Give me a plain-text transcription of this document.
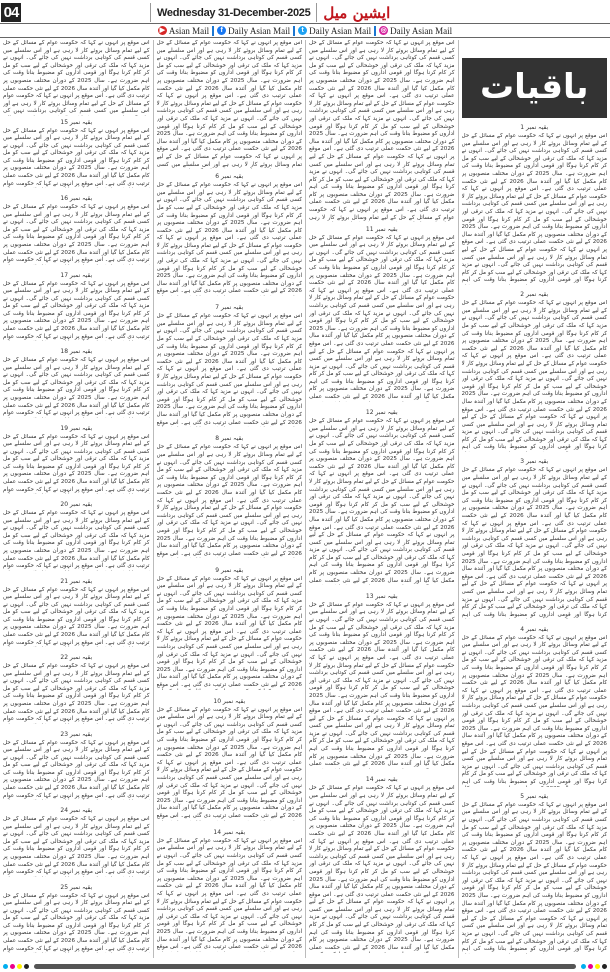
04	Wednesday 31-December-2025 ایشین میل
▶ Asian Mail	f Daily Asian Mail	t Daily Asian Mail ◎ Daily Asian Mail
باقیات
بقیہ نمبر 1
اس موقع پر انہوں نے کہا کہ حکومت عوام کے مسائل کے حل کے لیے تمام وسائل بروئے کار لا رہی ہے اور اس سلسلے میں کسی قسم کی کوتاہی برداشت نہیں کی جائے گی۔ انہوں نے مزید کہا کہ ملک کی ترقی اور خوشحالی کے لیے سب کو مل کر کام کرنا ہوگا اور قومی اداروں کو مضبوط بنانا وقت کی اہم ضرورت ہے۔ سال 2025 کے دوران مختلف منصوبوں پر کام مکمل کیا گیا اور آئندہ سال 2026 کے لیے نئی حکمت عملی ترتیب دی گئی ہے۔ اس موقع پر انہوں نے کہا کہ حکومت عوام کے مسائل کے حل کے لیے تمام وسائل بروئے کار لا رہی ہے اور اس سلسلے میں کسی قسم کی کوتاہی برداشت نہیں کی جائے گی۔ انہوں نے مزید کہا کہ ملک کی ترقی اور خوشحالی کے لیے سب کو مل کر کام کرنا ہوگا اور قومی اداروں کو مضبوط بنانا وقت کی اہم ضرورت ہے۔ سال 2025 کے دوران مختلف منصوبوں پر کام مکمل کیا گیا اور آئندہ سال 2026 کے لیے نئی حکمت عملی ترتیب دی گئی ہے۔ اس موقع پر انہوں نے کہا کہ حکومت عوام کے مسائل کے حل کے لیے تمام وسائل بروئے کار لا رہی ہے اور اس سلسلے میں کسی قسم کی کوتاہی برداشت نہیں کی جائے گی۔ انہوں نے مزید کہا کہ ملک کی ترقی اور خوشحالی کے لیے سب کو مل کر کام کرنا ہوگا اور قومی اداروں کو مضبوط بنانا وقت کی اہم
بقیہ نمبر 2
اس موقع پر انہوں نے کہا کہ حکومت عوام کے مسائل کے حل کے لیے تمام وسائل بروئے کار لا رہی ہے اور اس سلسلے میں کسی قسم کی کوتاہی برداشت نہیں کی جائے گی۔ انہوں نے مزید کہا کہ ملک کی ترقی اور خوشحالی کے لیے سب کو مل کر کام کرنا ہوگا اور قومی اداروں کو مضبوط بنانا وقت کی اہم ضرورت ہے۔ سال 2025 کے دوران مختلف منصوبوں پر کام مکمل کیا گیا اور آئندہ سال 2026 کے لیے نئی حکمت عملی ترتیب دی گئی ہے۔ اس موقع پر انہوں نے کہا کہ حکومت عوام کے مسائل کے حل کے لیے تمام وسائل بروئے کار لا رہی ہے اور اس سلسلے میں کسی قسم کی کوتاہی برداشت نہیں کی جائے گی۔ انہوں نے مزید کہا کہ ملک کی ترقی اور خوشحالی کے لیے سب کو مل کر کام کرنا ہوگا اور قومی اداروں کو مضبوط بنانا وقت کی اہم ضرورت ہے۔ سال 2025 کے دوران مختلف منصوبوں پر کام مکمل کیا گیا اور آئندہ سال 2026 کے لیے نئی حکمت عملی ترتیب دی گئی ہے۔ اس موقع پر انہوں نے کہا کہ حکومت عوام کے مسائل کے حل کے لیے تمام وسائل بروئے کار لا رہی ہے اور اس سلسلے میں کسی قسم کی کوتاہی برداشت نہیں کی جائے گی۔ انہوں نے مزید کہا کہ ملک کی ترقی اور خوشحالی کے لیے سب کو مل کر کام کرنا ہوگا اور قومی اداروں کو مضبوط بنانا وقت کی اہم
بقیہ نمبر 3
اس موقع پر انہوں نے کہا کہ حکومت عوام کے مسائل کے حل کے لیے تمام وسائل بروئے کار لا رہی ہے اور اس سلسلے میں کسی قسم کی کوتاہی برداشت نہیں کی جائے گی۔ انہوں نے مزید کہا کہ ملک کی ترقی اور خوشحالی کے لیے سب کو مل کر کام کرنا ہوگا اور قومی اداروں کو مضبوط بنانا وقت کی اہم ضرورت ہے۔ سال 2025 کے دوران مختلف منصوبوں پر کام مکمل کیا گیا اور آئندہ سال 2026 کے لیے نئی حکمت عملی ترتیب دی گئی ہے۔ اس موقع پر انہوں نے کہا کہ حکومت عوام کے مسائل کے حل کے لیے تمام وسائل بروئے کار لا رہی ہے اور اس سلسلے میں کسی قسم کی کوتاہی برداشت نہیں کی جائے گی۔ انہوں نے مزید کہا کہ ملک کی ترقی اور خوشحالی کے لیے سب کو مل کر کام کرنا ہوگا اور قومی اداروں کو مضبوط بنانا وقت کی اہم ضرورت ہے۔ سال 2025 کے دوران مختلف منصوبوں پر کام مکمل کیا گیا اور آئندہ سال 2026 کے لیے نئی حکمت عملی ترتیب دی گئی ہے۔ اس موقع پر انہوں نے کہا کہ حکومت عوام کے مسائل کے حل کے لیے تمام وسائل بروئے کار لا رہی ہے اور اس سلسلے میں کسی قسم کی کوتاہی برداشت نہیں کی جائے گی۔ انہوں نے مزید کہا کہ ملک کی ترقی اور خوشحالی کے لیے سب کو مل کر کام کرنا ہوگا اور قومی اداروں کو مضبوط بنانا وقت کی اہم
بقیہ نمبر 4
اس موقع پر انہوں نے کہا کہ حکومت عوام کے مسائل کے حل کے لیے تمام وسائل بروئے کار لا رہی ہے اور اس سلسلے میں کسی قسم کی کوتاہی برداشت نہیں کی جائے گی۔ انہوں نے مزید کہا کہ ملک کی ترقی اور خوشحالی کے لیے سب کو مل کر کام کرنا ہوگا اور قومی اداروں کو مضبوط بنانا وقت کی اہم ضرورت ہے۔ سال 2025 کے دوران مختلف منصوبوں پر کام مکمل کیا گیا اور آئندہ سال 2026 کے لیے نئی حکمت عملی ترتیب دی گئی ہے۔ اس موقع پر انہوں نے کہا کہ حکومت عوام کے مسائل کے حل کے لیے تمام وسائل بروئے کار لا رہی ہے اور اس سلسلے میں کسی قسم کی کوتاہی برداشت نہیں کی جائے گی۔ انہوں نے مزید کہا کہ ملک کی ترقی اور خوشحالی کے لیے سب کو مل کر کام کرنا ہوگا اور قومی اداروں کو مضبوط بنانا وقت کی اہم ضرورت ہے۔ سال 2025 کے دوران مختلف منصوبوں پر کام مکمل کیا گیا اور آئندہ سال 2026 کے لیے نئی حکمت عملی ترتیب دی گئی ہے۔ اس موقع پر انہوں نے کہا کہ حکومت عوام کے مسائل کے حل کے لیے تمام وسائل بروئے کار لا رہی ہے اور اس سلسلے میں کسی قسم کی کوتاہی برداشت نہیں کی جائے گی۔ انہوں نے مزید کہا کہ ملک کی ترقی اور خوشحالی کے لیے سب کو مل کر کام کرنا ہوگا اور قومی اداروں کو مضبوط بنانا وقت کی اہم
بقیہ نمبر 5
اس موقع پر انہوں نے کہا کہ حکومت عوام کے مسائل کے حل کے لیے تمام وسائل بروئے کار لا رہی ہے اور اس سلسلے میں کسی قسم کی کوتاہی برداشت نہیں کی جائے گی۔ انہوں نے مزید کہا کہ ملک کی ترقی اور خوشحالی کے لیے سب کو مل کر کام کرنا ہوگا اور قومی اداروں کو مضبوط بنانا وقت کی اہم ضرورت ہے۔ سال 2025 کے دوران مختلف منصوبوں پر کام مکمل کیا گیا اور آئندہ سال 2026 کے لیے نئی حکمت عملی ترتیب دی گئی ہے۔ اس موقع پر انہوں نے کہا کہ حکومت عوام کے مسائل کے حل کے لیے تمام وسائل بروئے کار لا رہی ہے اور اس سلسلے میں کسی قسم کی کوتاہی برداشت نہیں کی جائے گی۔ انہوں نے مزید کہا کہ ملک کی ترقی اور خوشحالی کے لیے سب کو مل کر کام کرنا ہوگا اور قومی اداروں کو مضبوط بنانا وقت کی اہم ضرورت ہے۔ سال 2025 کے دوران مختلف منصوبوں پر کام مکمل کیا گیا اور آئندہ سال 2026 کے لیے نئی حکمت عملی ترتیب دی گئی ہے۔ اس موقع پر انہوں نے کہا کہ حکومت عوام کے مسائل کے حل کے لیے تمام وسائل بروئے کار لا رہی ہے اور اس سلسلے میں کسی قسم کی کوتاہی برداشت نہیں کی جائے گی۔ انہوں نے مزید کہا کہ ملک کی ترقی اور خوشحالی کے لیے سب کو مل کر کام کرنا ہوگا اور قومی اداروں کو مضبوط بنانا وقت کی اہم
اس موقع پر انہوں نے کہا کہ حکومت عوام کے مسائل کے حل کے لیے تمام وسائل بروئے کار لا رہی ہے اور اس سلسلے میں کسی قسم کی کوتاہی برداشت نہیں کی جائے گی۔ انہوں نے مزید کہا کہ ملک کی ترقی اور خوشحالی کے لیے سب کو مل کر کام کرنا ہوگا اور قومی اداروں کو مضبوط بنانا وقت کی اہم ضرورت ہے۔ سال 2025 کے دوران مختلف منصوبوں پر کام مکمل کیا گیا اور آئندہ سال 2026 کے لیے نئی حکمت عملی ترتیب دی گئی ہے۔ اس موقع پر انہوں نے کہا کہ حکومت عوام کے مسائل کے حل کے لیے تمام وسائل بروئے کار لا رہی ہے اور اس سلسلے میں کسی قسم کی کوتاہی برداشت نہیں کی جائے گی۔ انہوں نے مزید کہا کہ ملک کی ترقی اور خوشحالی کے لیے سب کو مل کر کام کرنا ہوگا اور قومی اداروں کو مضبوط بنانا وقت کی اہم ضرورت ہے۔ سال 2025 کے دوران مختلف منصوبوں پر کام مکمل کیا گیا اور آئندہ سال 2026 کے لیے نئی حکمت عملی ترتیب دی گئی ہے۔ اس موقع پر انہوں نے کہا کہ حکومت عوام کے مسائل کے حل کے لیے تمام وسائل بروئے کار لا رہی ہے اور اس سلسلے میں کسی قسم کی کوتاہی برداشت نہیں کی جائے گی۔ انہوں نے مزید کہا کہ ملک کی ترقی اور خوشحالی کے لیے سب کو مل کر کام کرنا ہوگا اور قومی اداروں کو مضبوط بنانا وقت کی اہم ضرورت ہے۔ سال 2025 کے دوران مختلف منصوبوں پر کام مکمل کیا گیا اور آئندہ سال 2026 کے لیے نئی حکمت عملی ترتیب دی گئی ہے۔ اس موقع پر انہوں نے کہا کہ حکومت عوام کے مسائل کے حل کے لیے تمام وسائل بروئے کار لا رہی
بقیہ نمبر 11
اس موقع پر انہوں نے کہا کہ حکومت عوام کے مسائل کے حل کے لیے تمام وسائل بروئے کار لا رہی ہے اور اس سلسلے میں کسی قسم کی کوتاہی برداشت نہیں کی جائے گی۔ انہوں نے مزید کہا کہ ملک کی ترقی اور خوشحالی کے لیے سب کو مل کر کام کرنا ہوگا اور قومی اداروں کو مضبوط بنانا وقت کی اہم ضرورت ہے۔ سال 2025 کے دوران مختلف منصوبوں پر کام مکمل کیا گیا اور آئندہ سال 2026 کے لیے نئی حکمت عملی ترتیب دی گئی ہے۔ اس موقع پر انہوں نے کہا کہ حکومت عوام کے مسائل کے حل کے لیے تمام وسائل بروئے کار لا رہی ہے اور اس سلسلے میں کسی قسم کی کوتاہی برداشت نہیں کی جائے گی۔ انہوں نے مزید کہا کہ ملک کی ترقی اور خوشحالی کے لیے سب کو مل کر کام کرنا ہوگا اور قومی اداروں کو مضبوط بنانا وقت کی اہم ضرورت ہے۔ سال 2025 کے دوران مختلف منصوبوں پر کام مکمل کیا گیا اور آئندہ سال 2026 کے لیے نئی حکمت عملی ترتیب دی گئی ہے۔ اس موقع پر انہوں نے کہا کہ حکومت عوام کے مسائل کے حل کے لیے تمام وسائل بروئے کار لا رہی ہے اور اس سلسلے میں کسی قسم کی کوتاہی برداشت نہیں کی جائے گی۔ انہوں نے مزید کہا کہ ملک کی ترقی اور خوشحالی کے لیے سب کو مل کر کام کرنا ہوگا اور قومی اداروں کو مضبوط بنانا وقت کی اہم ضرورت ہے۔ سال 2025 کے دوران مختلف منصوبوں پر کام مکمل کیا گیا اور آئندہ سال 2026 کے لیے نئی حکمت عملی
بقیہ نمبر 12
اس موقع پر انہوں نے کہا کہ حکومت عوام کے مسائل کے حل کے لیے تمام وسائل بروئے کار لا رہی ہے اور اس سلسلے میں کسی قسم کی کوتاہی برداشت نہیں کی جائے گی۔ انہوں نے مزید کہا کہ ملک کی ترقی اور خوشحالی کے لیے سب کو مل کر کام کرنا ہوگا اور قومی اداروں کو مضبوط بنانا وقت کی اہم ضرورت ہے۔ سال 2025 کے دوران مختلف منصوبوں پر کام مکمل کیا گیا اور آئندہ سال 2026 کے لیے نئی حکمت عملی ترتیب دی گئی ہے۔ اس موقع پر انہوں نے کہا کہ حکومت عوام کے مسائل کے حل کے لیے تمام وسائل بروئے کار لا رہی ہے اور اس سلسلے میں کسی قسم کی کوتاہی برداشت نہیں کی جائے گی۔ انہوں نے مزید کہا کہ ملک کی ترقی اور خوشحالی کے لیے سب کو مل کر کام کرنا ہوگا اور قومی اداروں کو مضبوط بنانا وقت کی اہم ضرورت ہے۔ سال 2025 کے دوران مختلف منصوبوں پر کام مکمل کیا گیا اور آئندہ سال 2026 کے لیے نئی حکمت عملی ترتیب دی گئی ہے۔ اس موقع پر انہوں نے کہا کہ حکومت عوام کے مسائل کے حل کے لیے تمام وسائل بروئے کار لا رہی ہے اور اس سلسلے میں کسی قسم کی کوتاہی برداشت نہیں کی جائے گی۔ انہوں نے مزید کہا کہ ملک کی ترقی اور خوشحالی کے لیے سب کو مل کر کام کرنا ہوگا اور قومی اداروں کو مضبوط بنانا وقت کی اہم ضرورت ہے۔ سال 2025 کے دوران مختلف منصوبوں پر کام مکمل کیا گیا اور آئندہ سال 2026 کے لیے نئی حکمت عملی
بقیہ نمبر 13
اس موقع پر انہوں نے کہا کہ حکومت عوام کے مسائل کے حل کے لیے تمام وسائل بروئے کار لا رہی ہے اور اس سلسلے میں کسی قسم کی کوتاہی برداشت نہیں کی جائے گی۔ انہوں نے مزید کہا کہ ملک کی ترقی اور خوشحالی کے لیے سب کو مل کر کام کرنا ہوگا اور قومی اداروں کو مضبوط بنانا وقت کی اہم ضرورت ہے۔ سال 2025 کے دوران مختلف منصوبوں پر کام مکمل کیا گیا اور آئندہ سال 2026 کے لیے نئی حکمت عملی ترتیب دی گئی ہے۔ اس موقع پر انہوں نے کہا کہ حکومت عوام کے مسائل کے حل کے لیے تمام وسائل بروئے کار لا رہی ہے اور اس سلسلے میں کسی قسم کی کوتاہی برداشت نہیں کی جائے گی۔ انہوں نے مزید کہا کہ ملک کی ترقی اور خوشحالی کے لیے سب کو مل کر کام کرنا ہوگا اور قومی اداروں کو مضبوط بنانا وقت کی اہم ضرورت ہے۔ سال 2025 کے دوران مختلف منصوبوں پر کام مکمل کیا گیا اور آئندہ سال 2026 کے لیے نئی حکمت عملی ترتیب دی گئی ہے۔ اس موقع پر انہوں نے کہا کہ حکومت عوام کے مسائل کے حل کے لیے تمام وسائل بروئے کار لا رہی ہے اور اس سلسلے میں کسی قسم کی کوتاہی برداشت نہیں کی جائے گی۔ انہوں نے مزید کہا کہ ملک کی ترقی اور خوشحالی کے لیے سب کو مل کر کام کرنا ہوگا اور قومی اداروں کو مضبوط بنانا وقت کی اہم ضرورت ہے۔ سال 2025 کے دوران مختلف منصوبوں پر کام مکمل کیا گیا اور آئندہ سال 2026 کے لیے نئی حکمت عملی
بقیہ نمبر 14
اس موقع پر انہوں نے کہا کہ حکومت عوام کے مسائل کے حل کے لیے تمام وسائل بروئے کار لا رہی ہے اور اس سلسلے میں کسی قسم کی کوتاہی برداشت نہیں کی جائے گی۔ انہوں نے مزید کہا کہ ملک کی ترقی اور خوشحالی کے لیے سب کو مل کر کام کرنا ہوگا اور قومی اداروں کو مضبوط بنانا وقت کی اہم ضرورت ہے۔ سال 2025 کے دوران مختلف منصوبوں پر کام مکمل کیا گیا اور آئندہ سال 2026 کے لیے نئی حکمت عملی ترتیب دی گئی ہے۔ اس موقع پر انہوں نے کہا کہ حکومت عوام کے مسائل کے حل کے لیے تمام وسائل بروئے کار لا رہی ہے اور اس سلسلے میں کسی قسم کی کوتاہی برداشت نہیں کی جائے گی۔ انہوں نے مزید کہا کہ ملک کی ترقی اور خوشحالی کے لیے سب کو مل کر کام کرنا ہوگا اور قومی اداروں کو مضبوط بنانا وقت کی اہم ضرورت ہے۔ سال 2025 کے دوران مختلف منصوبوں پر کام مکمل کیا گیا اور آئندہ سال 2026 کے لیے نئی حکمت عملی ترتیب دی گئی ہے۔ اس موقع پر انہوں نے کہا کہ حکومت عوام کے مسائل کے حل کے لیے تمام وسائل بروئے کار لا رہی ہے اور اس سلسلے میں کسی قسم کی کوتاہی برداشت نہیں کی جائے گی۔ انہوں نے مزید کہا کہ ملک کی ترقی اور خوشحالی کے لیے سب کو مل کر کام کرنا ہوگا اور قومی اداروں کو مضبوط بنانا وقت کی اہم ضرورت ہے۔ سال 2025 کے دوران مختلف منصوبوں پر کام مکمل کیا گیا اور آئندہ سال 2026 کے لیے نئی حکمت عملی
اس موقع پر انہوں نے کہا کہ حکومت عوام کے مسائل کے حل کے لیے تمام وسائل بروئے کار لا رہی ہے اور اس سلسلے میں کسی قسم کی کوتاہی برداشت نہیں کی جائے گی۔ انہوں نے مزید کہا کہ ملک کی ترقی اور خوشحالی کے لیے سب کو مل کر کام کرنا ہوگا اور قومی اداروں کو مضبوط بنانا وقت کی اہم ضرورت ہے۔ سال 2025 کے دوران مختلف منصوبوں پر کام مکمل کیا گیا اور آئندہ سال 2026 کے لیے نئی حکمت عملی ترتیب دی گئی ہے۔ اس موقع پر انہوں نے کہا کہ حکومت عوام کے مسائل کے حل کے لیے تمام وسائل بروئے کار لا رہی ہے اور اس سلسلے میں کسی قسم کی کوتاہی برداشت نہیں کی جائے گی۔ انہوں نے مزید کہا کہ ملک کی ترقی اور خوشحالی کے لیے سب کو مل کر کام کرنا ہوگا اور قومی اداروں کو مضبوط بنانا وقت کی اہم ضرورت ہے۔ سال 2025 کے دوران مختلف منصوبوں پر کام مکمل کیا گیا اور آئندہ سال 2026 کے لیے نئی حکمت عملی ترتیب دی گئی ہے۔ اس موقع پر انہوں نے کہا کہ حکومت عوام کے مسائل کے حل کے لیے تمام وسائل بروئے کار لا رہی ہے اور اس سلسلے میں کسی
بقیہ نمبر 6
اس موقع پر انہوں نے کہا کہ حکومت عوام کے مسائل کے حل کے لیے تمام وسائل بروئے کار لا رہی ہے اور اس سلسلے میں کسی قسم کی کوتاہی برداشت نہیں کی جائے گی۔ انہوں نے مزید کہا کہ ملک کی ترقی اور خوشحالی کے لیے سب کو مل کر کام کرنا ہوگا اور قومی اداروں کو مضبوط بنانا وقت کی اہم ضرورت ہے۔ سال 2025 کے دوران مختلف منصوبوں پر کام مکمل کیا گیا اور آئندہ سال 2026 کے لیے نئی حکمت عملی ترتیب دی گئی ہے۔ اس موقع پر انہوں نے کہا کہ حکومت عوام کے مسائل کے حل کے لیے تمام وسائل بروئے کار لا رہی ہے اور اس سلسلے میں کسی قسم کی کوتاہی برداشت نہیں کی جائے گی۔ انہوں نے مزید کہا کہ ملک کی ترقی اور خوشحالی کے لیے سب کو مل کر کام کرنا ہوگا اور قومی اداروں کو مضبوط بنانا وقت کی اہم ضرورت ہے۔ سال 2025 کے دوران مختلف منصوبوں پر کام مکمل کیا گیا اور آئندہ سال 2026 کے لیے نئی حکمت عملی ترتیب دی گئی ہے۔ اس موقع
بقیہ نمبر 7
اس موقع پر انہوں نے کہا کہ حکومت عوام کے مسائل کے حل کے لیے تمام وسائل بروئے کار لا رہی ہے اور اس سلسلے میں کسی قسم کی کوتاہی برداشت نہیں کی جائے گی۔ انہوں نے مزید کہا کہ ملک کی ترقی اور خوشحالی کے لیے سب کو مل کر کام کرنا ہوگا اور قومی اداروں کو مضبوط بنانا وقت کی اہم ضرورت ہے۔ سال 2025 کے دوران مختلف منصوبوں پر کام مکمل کیا گیا اور آئندہ سال 2026 کے لیے نئی حکمت عملی ترتیب دی گئی ہے۔ اس موقع پر انہوں نے کہا کہ حکومت عوام کے مسائل کے حل کے لیے تمام وسائل بروئے کار لا رہی ہے اور اس سلسلے میں کسی قسم کی کوتاہی برداشت نہیں کی جائے گی۔ انہوں نے مزید کہا کہ ملک کی ترقی اور خوشحالی کے لیے سب کو مل کر کام کرنا ہوگا اور قومی اداروں کو مضبوط بنانا وقت کی اہم ضرورت ہے۔ سال 2025 کے دوران مختلف منصوبوں پر کام مکمل کیا گیا اور آئندہ سال 2026 کے لیے نئی حکمت عملی ترتیب دی گئی ہے۔ اس موقع
بقیہ نمبر 8
اس موقع پر انہوں نے کہا کہ حکومت عوام کے مسائل کے حل کے لیے تمام وسائل بروئے کار لا رہی ہے اور اس سلسلے میں کسی قسم کی کوتاہی برداشت نہیں کی جائے گی۔ انہوں نے مزید کہا کہ ملک کی ترقی اور خوشحالی کے لیے سب کو مل کر کام کرنا ہوگا اور قومی اداروں کو مضبوط بنانا وقت کی اہم ضرورت ہے۔ سال 2025 کے دوران مختلف منصوبوں پر کام مکمل کیا گیا اور آئندہ سال 2026 کے لیے نئی حکمت عملی ترتیب دی گئی ہے۔ اس موقع پر انہوں نے کہا کہ حکومت عوام کے مسائل کے حل کے لیے تمام وسائل بروئے کار لا رہی ہے اور اس سلسلے میں کسی قسم کی کوتاہی برداشت نہیں کی جائے گی۔ انہوں نے مزید کہا کہ ملک کی ترقی اور خوشحالی کے لیے سب کو مل کر کام کرنا ہوگا اور قومی اداروں کو مضبوط بنانا وقت کی اہم ضرورت ہے۔ سال 2025 کے دوران مختلف منصوبوں پر کام مکمل کیا گیا اور آئندہ سال 2026 کے لیے نئی حکمت عملی ترتیب دی گئی ہے۔ اس موقع
بقیہ نمبر 9
اس موقع پر انہوں نے کہا کہ حکومت عوام کے مسائل کے حل کے لیے تمام وسائل بروئے کار لا رہی ہے اور اس سلسلے میں کسی قسم کی کوتاہی برداشت نہیں کی جائے گی۔ انہوں نے مزید کہا کہ ملک کی ترقی اور خوشحالی کے لیے سب کو مل کر کام کرنا ہوگا اور قومی اداروں کو مضبوط بنانا وقت کی اہم ضرورت ہے۔ سال 2025 کے دوران مختلف منصوبوں پر کام مکمل کیا گیا اور آئندہ سال 2026 کے لیے نئی حکمت عملی ترتیب دی گئی ہے۔ اس موقع پر انہوں نے کہا کہ حکومت عوام کے مسائل کے حل کے لیے تمام وسائل بروئے کار لا رہی ہے اور اس سلسلے میں کسی قسم کی کوتاہی برداشت نہیں کی جائے گی۔ انہوں نے مزید کہا کہ ملک کی ترقی اور خوشحالی کے لیے سب کو مل کر کام کرنا ہوگا اور قومی اداروں کو مضبوط بنانا وقت کی اہم ضرورت ہے۔ سال 2025 کے دوران مختلف منصوبوں پر کام مکمل کیا گیا اور آئندہ سال 2026 کے لیے نئی حکمت عملی ترتیب دی گئی ہے۔ اس موقع
بقیہ نمبر 10
اس موقع پر انہوں نے کہا کہ حکومت عوام کے مسائل کے حل کے لیے تمام وسائل بروئے کار لا رہی ہے اور اس سلسلے میں کسی قسم کی کوتاہی برداشت نہیں کی جائے گی۔ انہوں نے مزید کہا کہ ملک کی ترقی اور خوشحالی کے لیے سب کو مل کر کام کرنا ہوگا اور قومی اداروں کو مضبوط بنانا وقت کی اہم ضرورت ہے۔ سال 2025 کے دوران مختلف منصوبوں پر کام مکمل کیا گیا اور آئندہ سال 2026 کے لیے نئی حکمت عملی ترتیب دی گئی ہے۔ اس موقع پر انہوں نے کہا کہ حکومت عوام کے مسائل کے حل کے لیے تمام وسائل بروئے کار لا رہی ہے اور اس سلسلے میں کسی قسم کی کوتاہی برداشت نہیں کی جائے گی۔ انہوں نے مزید کہا کہ ملک کی ترقی اور خوشحالی کے لیے سب کو مل کر کام کرنا ہوگا اور قومی اداروں کو مضبوط بنانا وقت کی اہم ضرورت ہے۔ سال 2025 کے دوران مختلف منصوبوں پر کام مکمل کیا گیا اور آئندہ سال 2026 کے لیے نئی حکمت عملی ترتیب دی گئی ہے۔ اس موقع
بقیہ نمبر 14
اس موقع پر انہوں نے کہا کہ حکومت عوام کے مسائل کے حل کے لیے تمام وسائل بروئے کار لا رہی ہے اور اس سلسلے میں کسی قسم کی کوتاہی برداشت نہیں کی جائے گی۔ انہوں نے مزید کہا کہ ملک کی ترقی اور خوشحالی کے لیے سب کو مل کر کام کرنا ہوگا اور قومی اداروں کو مضبوط بنانا وقت کی اہم ضرورت ہے۔ سال 2025 کے دوران مختلف منصوبوں پر کام مکمل کیا گیا اور آئندہ سال 2026 کے لیے نئی حکمت عملی ترتیب دی گئی ہے۔ اس موقع پر انہوں نے کہا کہ حکومت عوام کے مسائل کے حل کے لیے تمام وسائل بروئے کار لا رہی ہے اور اس سلسلے میں کسی قسم کی کوتاہی برداشت نہیں کی جائے گی۔ انہوں نے مزید کہا کہ ملک کی ترقی اور خوشحالی کے لیے سب کو مل کر کام کرنا ہوگا اور قومی اداروں کو مضبوط بنانا وقت کی اہم ضرورت ہے۔ سال 2025 کے دوران مختلف منصوبوں پر کام مکمل کیا گیا اور آئندہ سال 2026 کے لیے نئی حکمت عملی ترتیب دی گئی ہے۔ اس موقع
اس موقع پر انہوں نے کہا کہ حکومت عوام کے مسائل کے حل کے لیے تمام وسائل بروئے کار لا رہی ہے اور اس سلسلے میں کسی قسم کی کوتاہی برداشت نہیں کی جائے گی۔ انہوں نے مزید کہا کہ ملک کی ترقی اور خوشحالی کے لیے سب کو مل کر کام کرنا ہوگا اور قومی اداروں کو مضبوط بنانا وقت کی اہم ضرورت ہے۔ سال 2025 کے دوران مختلف منصوبوں پر کام مکمل کیا گیا اور آئندہ سال 2026 کے لیے نئی حکمت عملی ترتیب دی گئی ہے۔ اس موقع پر انہوں نے کہا کہ حکومت عوام کے مسائل کے حل کے لیے تمام وسائل بروئے کار لا رہی ہے اور اس سلسلے میں کسی قسم کی کوتاہی برداشت نہیں کی
بقیہ نمبر 15
اس موقع پر انہوں نے کہا کہ حکومت عوام کے مسائل کے حل کے لیے تمام وسائل بروئے کار لا رہی ہے اور اس سلسلے میں کسی قسم کی کوتاہی برداشت نہیں کی جائے گی۔ انہوں نے مزید کہا کہ ملک کی ترقی اور خوشحالی کے لیے سب کو مل کر کام کرنا ہوگا اور قومی اداروں کو مضبوط بنانا وقت کی اہم ضرورت ہے۔ سال 2025 کے دوران مختلف منصوبوں پر کام مکمل کیا گیا اور آئندہ سال 2026 کے لیے نئی حکمت عملی ترتیب دی گئی ہے۔ اس موقع پر انہوں نے کہا کہ حکومت عوام
بقیہ نمبر 16
اس موقع پر انہوں نے کہا کہ حکومت عوام کے مسائل کے حل کے لیے تمام وسائل بروئے کار لا رہی ہے اور اس سلسلے میں کسی قسم کی کوتاہی برداشت نہیں کی جائے گی۔ انہوں نے مزید کہا کہ ملک کی ترقی اور خوشحالی کے لیے سب کو مل کر کام کرنا ہوگا اور قومی اداروں کو مضبوط بنانا وقت کی اہم ضرورت ہے۔ سال 2025 کے دوران مختلف منصوبوں پر کام مکمل کیا گیا اور آئندہ سال 2026 کے لیے نئی حکمت عملی ترتیب دی گئی ہے۔ اس موقع پر انہوں نے کہا کہ حکومت عوام
بقیہ نمبر 17
اس موقع پر انہوں نے کہا کہ حکومت عوام کے مسائل کے حل کے لیے تمام وسائل بروئے کار لا رہی ہے اور اس سلسلے میں کسی قسم کی کوتاہی برداشت نہیں کی جائے گی۔ انہوں نے مزید کہا کہ ملک کی ترقی اور خوشحالی کے لیے سب کو مل کر کام کرنا ہوگا اور قومی اداروں کو مضبوط بنانا وقت کی اہم ضرورت ہے۔ سال 2025 کے دوران مختلف منصوبوں پر کام مکمل کیا گیا اور آئندہ سال 2026 کے لیے نئی حکمت عملی ترتیب دی گئی ہے۔ اس موقع پر انہوں نے کہا کہ حکومت عوام
بقیہ نمبر 18
اس موقع پر انہوں نے کہا کہ حکومت عوام کے مسائل کے حل کے لیے تمام وسائل بروئے کار لا رہی ہے اور اس سلسلے میں کسی قسم کی کوتاہی برداشت نہیں کی جائے گی۔ انہوں نے مزید کہا کہ ملک کی ترقی اور خوشحالی کے لیے سب کو مل کر کام کرنا ہوگا اور قومی اداروں کو مضبوط بنانا وقت کی اہم ضرورت ہے۔ سال 2025 کے دوران مختلف منصوبوں پر کام مکمل کیا گیا اور آئندہ سال 2026 کے لیے نئی حکمت عملی ترتیب دی گئی ہے۔ اس موقع پر انہوں نے کہا کہ حکومت عوام
بقیہ نمبر 19
اس موقع پر انہوں نے کہا کہ حکومت عوام کے مسائل کے حل کے لیے تمام وسائل بروئے کار لا رہی ہے اور اس سلسلے میں کسی قسم کی کوتاہی برداشت نہیں کی جائے گی۔ انہوں نے مزید کہا کہ ملک کی ترقی اور خوشحالی کے لیے سب کو مل کر کام کرنا ہوگا اور قومی اداروں کو مضبوط بنانا وقت کی اہم ضرورت ہے۔ سال 2025 کے دوران مختلف منصوبوں پر کام مکمل کیا گیا اور آئندہ سال 2026 کے لیے نئی حکمت عملی ترتیب دی گئی ہے۔ اس موقع پر انہوں نے کہا کہ حکومت عوام
بقیہ نمبر 20
اس موقع پر انہوں نے کہا کہ حکومت عوام کے مسائل کے حل کے لیے تمام وسائل بروئے کار لا رہی ہے اور اس سلسلے میں کسی قسم کی کوتاہی برداشت نہیں کی جائے گی۔ انہوں نے مزید کہا کہ ملک کی ترقی اور خوشحالی کے لیے سب کو مل کر کام کرنا ہوگا اور قومی اداروں کو مضبوط بنانا وقت کی اہم ضرورت ہے۔ سال 2025 کے دوران مختلف منصوبوں پر کام مکمل کیا گیا اور آئندہ سال 2026 کے لیے نئی حکمت عملی ترتیب دی گئی ہے۔ اس موقع پر انہوں نے کہا کہ حکومت عوام
بقیہ نمبر 21
اس موقع پر انہوں نے کہا کہ حکومت عوام کے مسائل کے حل کے لیے تمام وسائل بروئے کار لا رہی ہے اور اس سلسلے میں کسی قسم کی کوتاہی برداشت نہیں کی جائے گی۔ انہوں نے مزید کہا کہ ملک کی ترقی اور خوشحالی کے لیے سب کو مل کر کام کرنا ہوگا اور قومی اداروں کو مضبوط بنانا وقت کی اہم ضرورت ہے۔ سال 2025 کے دوران مختلف منصوبوں پر کام مکمل کیا گیا اور آئندہ سال 2026 کے لیے نئی حکمت عملی ترتیب دی گئی ہے۔ اس موقع پر انہوں نے کہا کہ حکومت عوام
بقیہ نمبر 22
اس موقع پر انہوں نے کہا کہ حکومت عوام کے مسائل کے حل کے لیے تمام وسائل بروئے کار لا رہی ہے اور اس سلسلے میں کسی قسم کی کوتاہی برداشت نہیں کی جائے گی۔ انہوں نے مزید کہا کہ ملک کی ترقی اور خوشحالی کے لیے سب کو مل کر کام کرنا ہوگا اور قومی اداروں کو مضبوط بنانا وقت کی اہم ضرورت ہے۔ سال 2025 کے دوران مختلف منصوبوں پر کام مکمل کیا گیا اور آئندہ سال 2026 کے لیے نئی حکمت عملی ترتیب دی گئی ہے۔ اس موقع پر انہوں نے کہا کہ حکومت عوام
بقیہ نمبر 23
اس موقع پر انہوں نے کہا کہ حکومت عوام کے مسائل کے حل کے لیے تمام وسائل بروئے کار لا رہی ہے اور اس سلسلے میں کسی قسم کی کوتاہی برداشت نہیں کی جائے گی۔ انہوں نے مزید کہا کہ ملک کی ترقی اور خوشحالی کے لیے سب کو مل کر کام کرنا ہوگا اور قومی اداروں کو مضبوط بنانا وقت کی اہم ضرورت ہے۔ سال 2025 کے دوران مختلف منصوبوں پر کام مکمل کیا گیا اور آئندہ سال 2026 کے لیے نئی حکمت عملی ترتیب دی گئی ہے۔ اس موقع پر انہوں نے کہا کہ حکومت عوام
بقیہ نمبر 24
اس موقع پر انہوں نے کہا کہ حکومت عوام کے مسائل کے حل کے لیے تمام وسائل بروئے کار لا رہی ہے اور اس سلسلے میں کسی قسم کی کوتاہی برداشت نہیں کی جائے گی۔ انہوں نے مزید کہا کہ ملک کی ترقی اور خوشحالی کے لیے سب کو مل کر کام کرنا ہوگا اور قومی اداروں کو مضبوط بنانا وقت کی اہم ضرورت ہے۔ سال 2025 کے دوران مختلف منصوبوں پر کام مکمل کیا گیا اور آئندہ سال 2026 کے لیے نئی حکمت عملی ترتیب دی گئی ہے۔ اس موقع پر انہوں نے کہا کہ حکومت عوام
بقیہ نمبر 25
اس موقع پر انہوں نے کہا کہ حکومت عوام کے مسائل کے حل کے لیے تمام وسائل بروئے کار لا رہی ہے اور اس سلسلے میں کسی قسم کی کوتاہی برداشت نہیں کی جائے گی۔ انہوں نے مزید کہا کہ ملک کی ترقی اور خوشحالی کے لیے سب کو مل کر کام کرنا ہوگا اور قومی اداروں کو مضبوط بنانا وقت کی اہم ضرورت ہے۔ سال 2025 کے دوران مختلف منصوبوں پر کام مکمل کیا گیا اور آئندہ سال 2026 کے لیے نئی حکمت عملی ترتیب دی گئی ہے۔ اس موقع پر انہوں نے کہا کہ حکومت عوام
